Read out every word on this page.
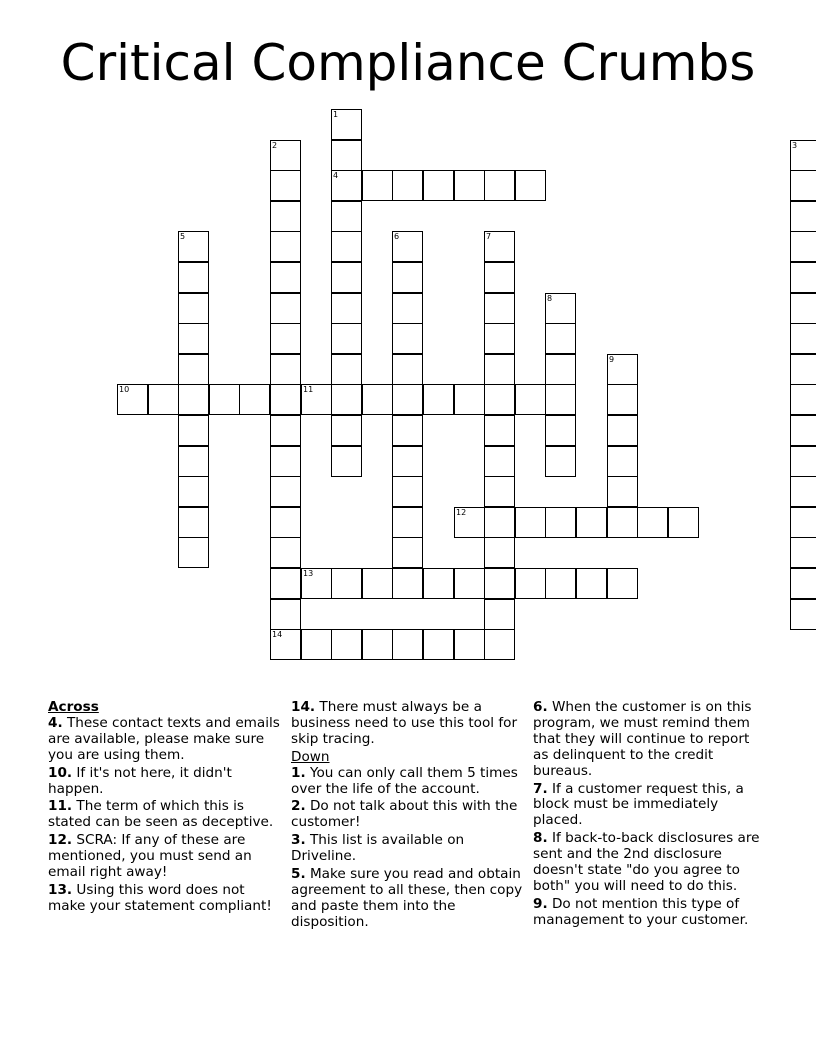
Critical Compliance Crumbs
1
4
2
14
3
5	6	7
8
9
10	11
12
13
Across
4. These contact texts and emails are available, please make sure you are using them.
10. If it's not here, it didn't happen.
11. The term of which this is stated can be seen as deceptive.
12. SCRA: If any of these are mentioned, you must send an email right away!
13. Using this word does not make your statement compliant!
14. There must always be a business need to use this tool for skip tracing.
Down
1. You can only call them 5 times over the life of the account.
2. Do not talk about this with the customer!
3. This list is available on Driveline.
5. Make sure you read and obtain agreement to all these, then copy and paste them into the disposition.
6. When the customer is on this program, we must remind them that they will continue to report as delinquent to the credit bureaus.
7. If a customer request this, a block must be immediately placed.
8. If back-to-back disclosures are sent and the 2nd disclosure doesn't state "do you agree to both" you will need to do this.
9. Do not mention this type of management to your customer.
